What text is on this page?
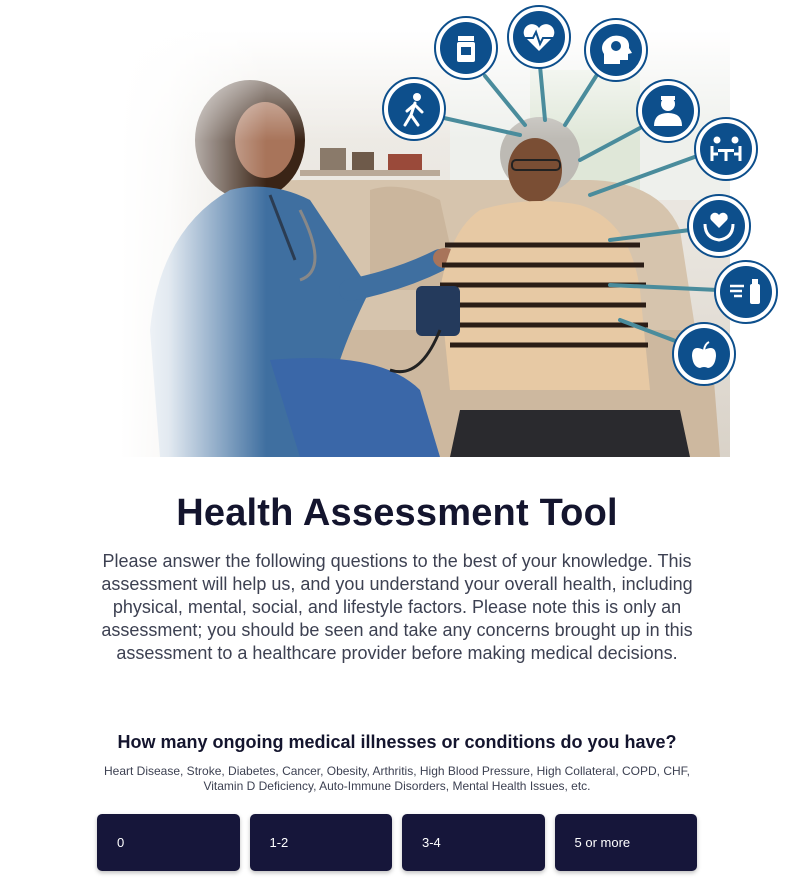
Health Assessment Tool

Please answer the following questions to the best of your knowledge. This assessment will help us, and you understand your overall health, including physical, mental, social, and lifestyle factors. Please note this is only an assessment; you should be seen and take any concerns brought up in this assessment to a healthcare provider before making medical decisions.

How many ongoing medical illnesses or conditions do you have?

Heart Disease, Stroke, Diabetes, Cancer, Obesity, Arthritis, High Blood Pressure, High Collateral, COPD, CHF, Vitamin D Deficiency, Auto-Immune Disorders, Mental Health Issues, etc.

0	1-2	3-4	5 or more
